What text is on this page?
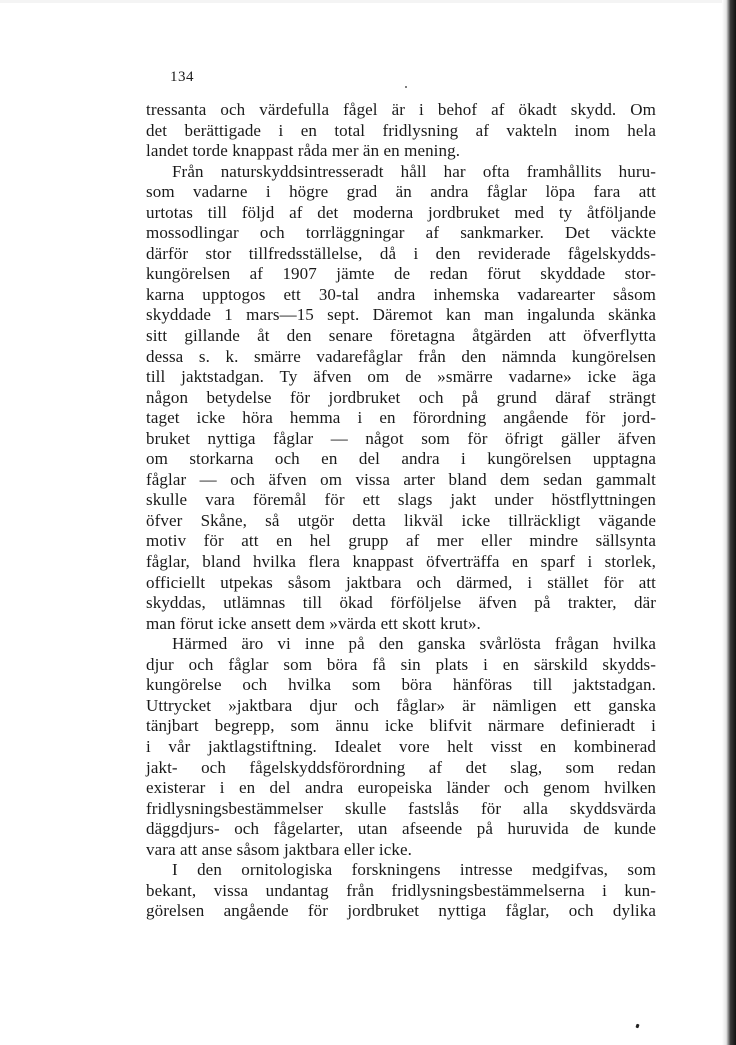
134
tressanta och värdefulla fågel är i behof af ökadt skydd. Om
det berättigade i en total fridlysning af vakteln inom hela
landet torde knappast råda mer än en mening.
Från naturskyddsintresseradt håll har ofta framhållits huru-
som vadarne i högre grad än andra fåglar löpa fara att
urtotas till följd af det moderna jordbruket med ty åtföljande
mossodlingar och torrläggningar af sankmarker. Det väckte
därför stor tillfredsställelse, då i den reviderade fågelskydds-
kungörelsen af 1907 jämte de redan förut skyddade stor-
karna upptogos ett 30-tal andra inhemska vadarearter såsom
skyddade 1 mars—15 sept. Däremot kan man ingalunda skänka
sitt gillande åt den senare företagna åtgärden att öfverflytta
dessa s. k. smärre vadarefåglar från den nämnda kungörelsen
till jaktstadgan. Ty äfven om de »smärre vadarne» icke äga
någon betydelse för jordbruket och på grund däraf strängt
taget icke höra hemma i en förordning angående för jord-
bruket nyttiga fåglar — något som för öfrigt gäller äfven
om storkarna och en del andra i kungörelsen upptagna
fåglar — och äfven om vissa arter bland dem sedan gammalt
skulle vara föremål för ett slags jakt under höstflyttningen
öfver Skåne, så utgör detta likväl icke tillräckligt vägande
motiv för att en hel grupp af mer eller mindre sällsynta
fåglar, bland hvilka flera knappast öfverträffa en sparf i storlek,
officiellt utpekas såsom jaktbara och därmed, i stället för att
skyddas, utlämnas till ökad förföljelse äfven på trakter, där
man förut icke ansett dem »värda ett skott krut».
Härmed äro vi inne på den ganska svårlösta frågan hvilka
djur och fåglar som böra få sin plats i en särskild skydds-
kungörelse och hvilka som böra hänföras till jaktstadgan.
Uttrycket »jaktbara djur och fåglar» är nämligen ett ganska
tänjbart begrepp, som ännu icke blifvit närmare definieradt i
i vår jaktlagstiftning. Idealet vore helt visst en kombinerad
jakt- och fågelskyddsförordning af det slag, som redan
existerar i en del andra europeiska länder och genom hvilken
fridlysningsbestämmelser skulle fastslås för alla skyddsvärda
däggdjurs- och fågelarter, utan afseende på huruvida de kunde
vara att anse såsom jaktbara eller icke.
I den ornitologiska forskningens intresse medgifvas, som
bekant, vissa undantag från fridlysningsbestämmelserna i kun-
görelsen angående för jordbruket nyttiga fåglar, och dylika
